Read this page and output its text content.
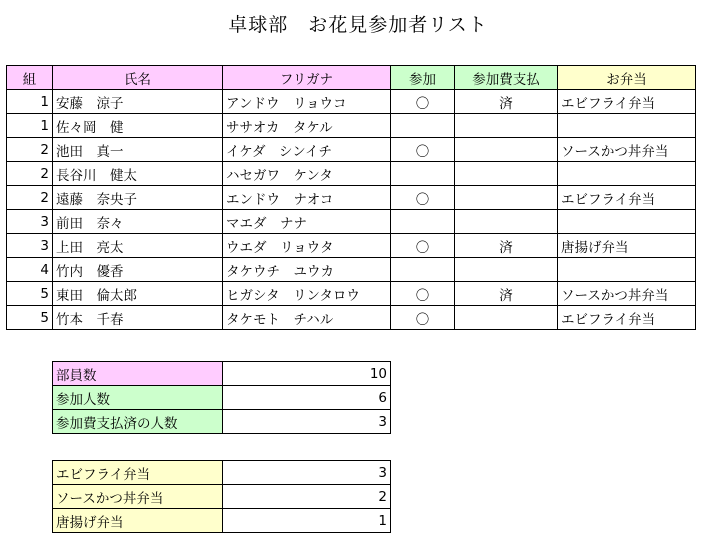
卓球部　お花見参加者リスト
組	氏名	フリガナ	参加	参加費支払	お弁当
1	安藤　涼子	アンドウ　リョウコ	〇	済	エビフライ弁当
1	佐々岡　健	ササオカ　タケル			
2	池田　真一	イケダ　シンイチ	〇		ソースかつ丼弁当
2	長谷川　健太	ハセガワ　ケンタ			
2	遠藤　奈央子	エンドウ　ナオコ	〇		エビフライ弁当
3	前田　奈々	マエダ　ナナ			
3	上田　亮太	ウエダ　リョウタ	〇	済	唐揚げ弁当
4	竹内　優香	タケウチ　ユウカ			
5	東田　倫太郎	ヒガシタ　リンタロウ	〇	済	ソースかつ丼弁当
5	竹本　千春	タケモト　チハル	〇		エビフライ弁当
部員数	10
参加人数	6
参加費支払済の人数	3
エビフライ弁当	3
ソースかつ丼弁当	2
唐揚げ弁当	1
